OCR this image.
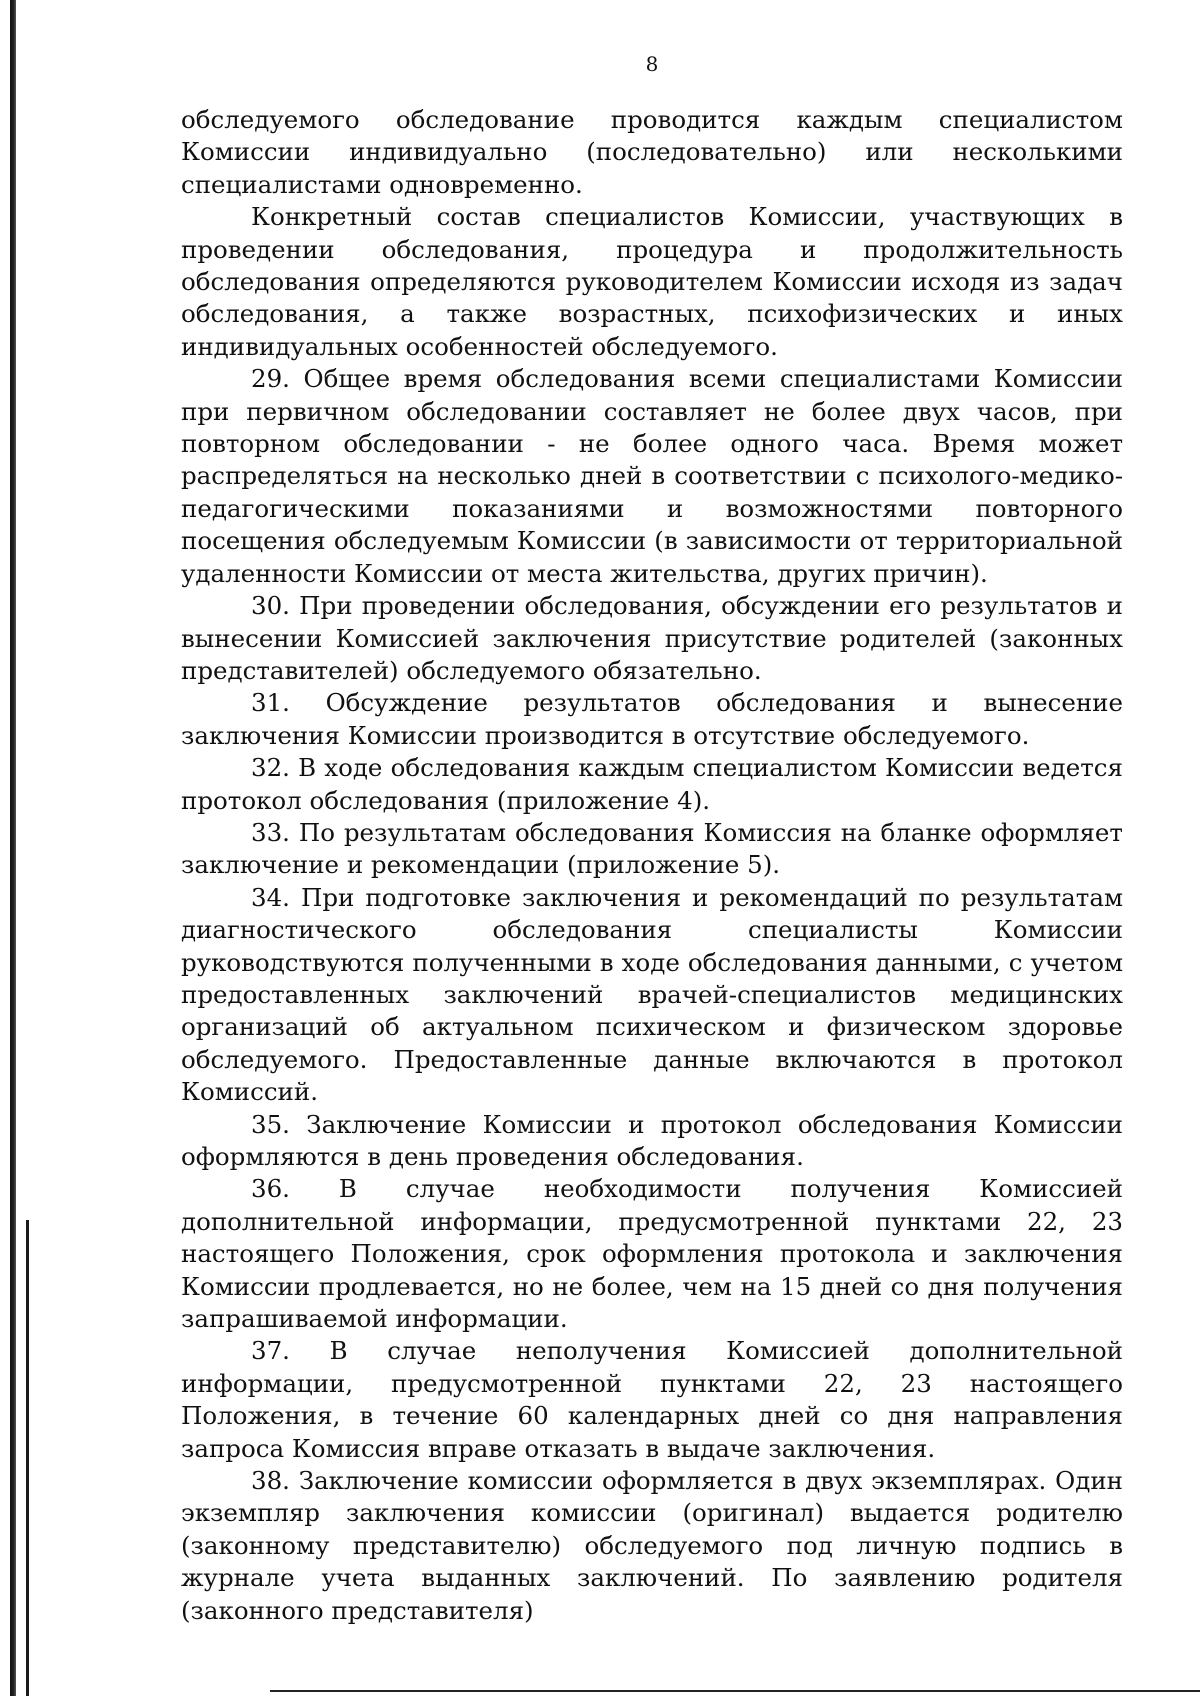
8

обследуемого обследование проводится каждым специалистом Комиссии индивидуально (последовательно) или несколькими специалистами одновременно.

Конкретный состав специалистов Комиссии, участвующих в проведении обследования, процедура и продолжительность обследования определяются руководителем Комиссии исходя из задач обследования, а также возрастных, психофизических и иных индивидуальных особенностей обследуемого.

29. Общее время обследования всеми специалистами Комиссии при первичном обследовании составляет не более двух часов, при повторном обследовании - не более одного часа. Время может распределяться на несколько дней в соответствии с психолого-медико-педагогическими показаниями и возможностями повторного посещения обследуемым Комиссии (в зависимости от территориальной удаленности Комиссии от места жительства, других причин).

30. При проведении обследования, обсуждении его результатов и вынесении Комиссией заключения присутствие родителей (законных представителей) обследуемого обязательно.

31. Обсуждение результатов обследования и вынесение заключения Комиссии производится в отсутствие обследуемого.

32. В ходе обследования каждым специалистом Комиссии ведется протокол обследования (приложение 4).

33. По результатам обследования Комиссия на бланке оформляет заключение и рекомендации (приложение 5).

34. При подготовке заключения и рекомендаций по результатам диагностического обследования специалисты Комиссии руководствуются полученными в ходе обследования данными, с учетом предоставленных заключений врачей-специалистов медицинских организаций об актуальном психическом и физическом здоровье обследуемого. Предоставленные данные включаются в протокол Комиссий.

35. Заключение Комиссии и протокол обследования Комиссии оформляются в день проведения обследования.

36. В случае необходимости получения Комиссией дополнительной информации, предусмотренной пунктами 22, 23 настоящего Положения, срок оформления протокола и заключения Комиссии продлевается, но не более, чем на 15 дней со дня получения запрашиваемой информации.

37. В случае неполучения Комиссией дополнительной информации, предусмотренной пунктами 22, 23 настоящего Положения, в течение 60 календарных дней со дня направления запроса Комиссия вправе отказать в выдаче заключения.

38. Заключение комиссии оформляется в двух экземплярах. Один экземпляр заключения комиссии (оригинал) выдается родителю (законному представителю) обследуемого под личную подпись в журнале учета выданных заключений. По заявлению родителя (законного представителя)
